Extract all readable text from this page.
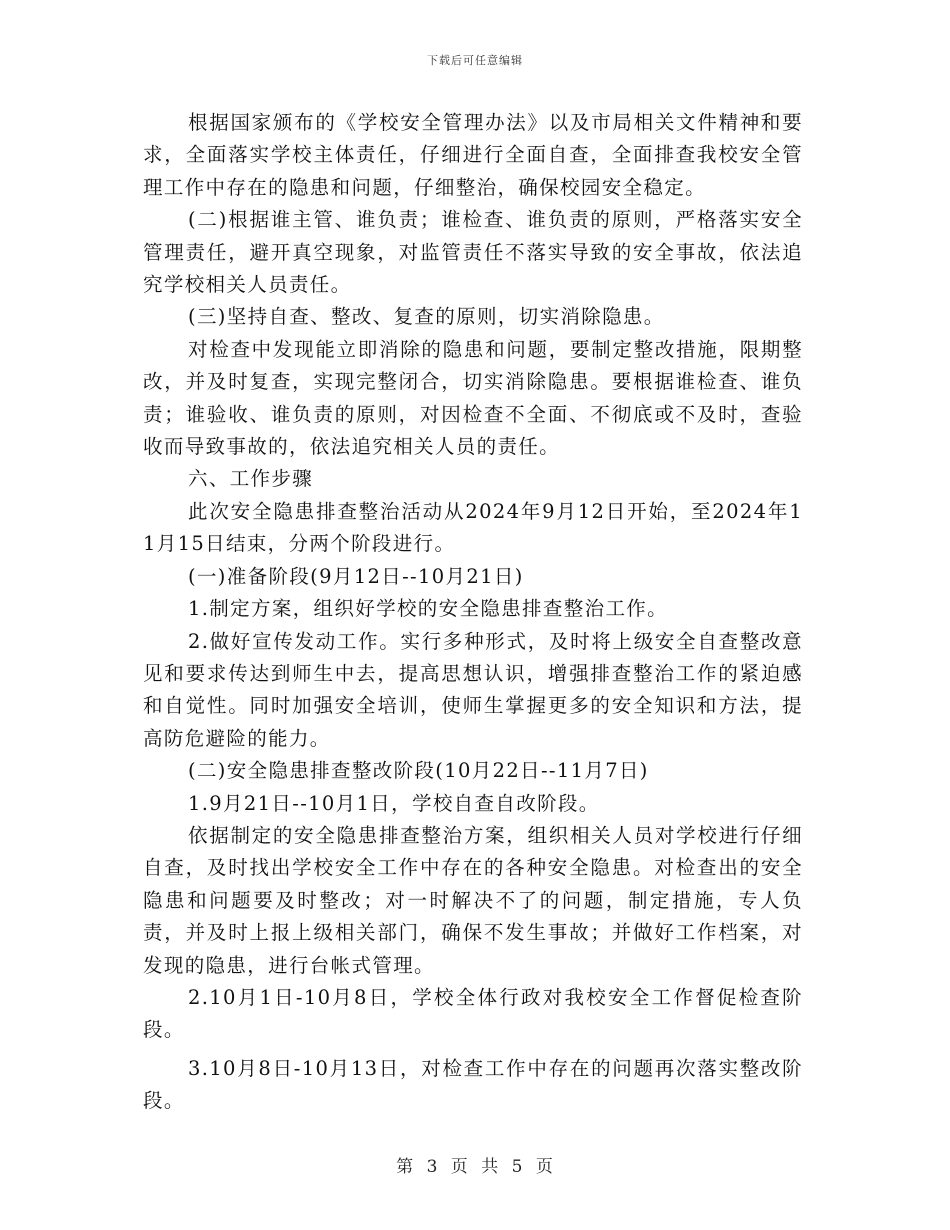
下载后可任意编辑

根据国家颁布的《学校安全管理办法》以及市局相关文件精神和要求，全面落实学校主体责任，仔细进行全面自查，全面排查我校安全管理工作中存在的隐患和问题，仔细整治，确保校园安全稳定。

(二)根据谁主管、谁负责；谁检查、谁负责的原则，严格落实安全管理责任，避开真空现象，对监管责任不落实导致的安全事故，依法追究学校相关人员责任。

(三)坚持自查、整改、复查的原则，切实消除隐患。

对检查中发现能立即消除的隐患和问题，要制定整改措施，限期整改，并及时复查，实现完整闭合，切实消除隐患。要根据谁检查、谁负责；谁验收、谁负责的原则，对因检查不全面、不彻底或不及时，查验收而导致事故的，依法追究相关人员的责任。

六、工作步骤

此次安全隐患排查整治活动从2024年9月12日开始，至2024年11月15日结束，分两个阶段进行。

(一)准备阶段(9月12日--10月21日)

1.制定方案，组织好学校的安全隐患排查整治工作。

2.做好宣传发动工作。实行多种形式，及时将上级安全自查整改意见和要求传达到师生中去，提高思想认识，增强排查整治工作的紧迫感和自觉性。同时加强安全培训，使师生掌握更多的安全知识和方法，提高防危避险的能力。

(二)安全隐患排查整改阶段(10月22日--11月7日)

1.9月21日--10月1日，学校自查自改阶段。

依据制定的安全隐患排查整治方案，组织相关人员对学校进行仔细自查，及时找出学校安全工作中存在的各种安全隐患。对检查出的安全隐患和问题要及时整改；对一时解决不了的问题，制定措施，专人负责，并及时上报上级相关部门，确保不发生事故；并做好工作档案，对发现的隐患，进行台帐式管理。

2.10月1日-10月8日，学校全体行政对我校安全工作督促检查阶段。

3.10月8日-10月13日，对检查工作中存在的问题再次落实整改阶段。

第 3 页 共 5 页
